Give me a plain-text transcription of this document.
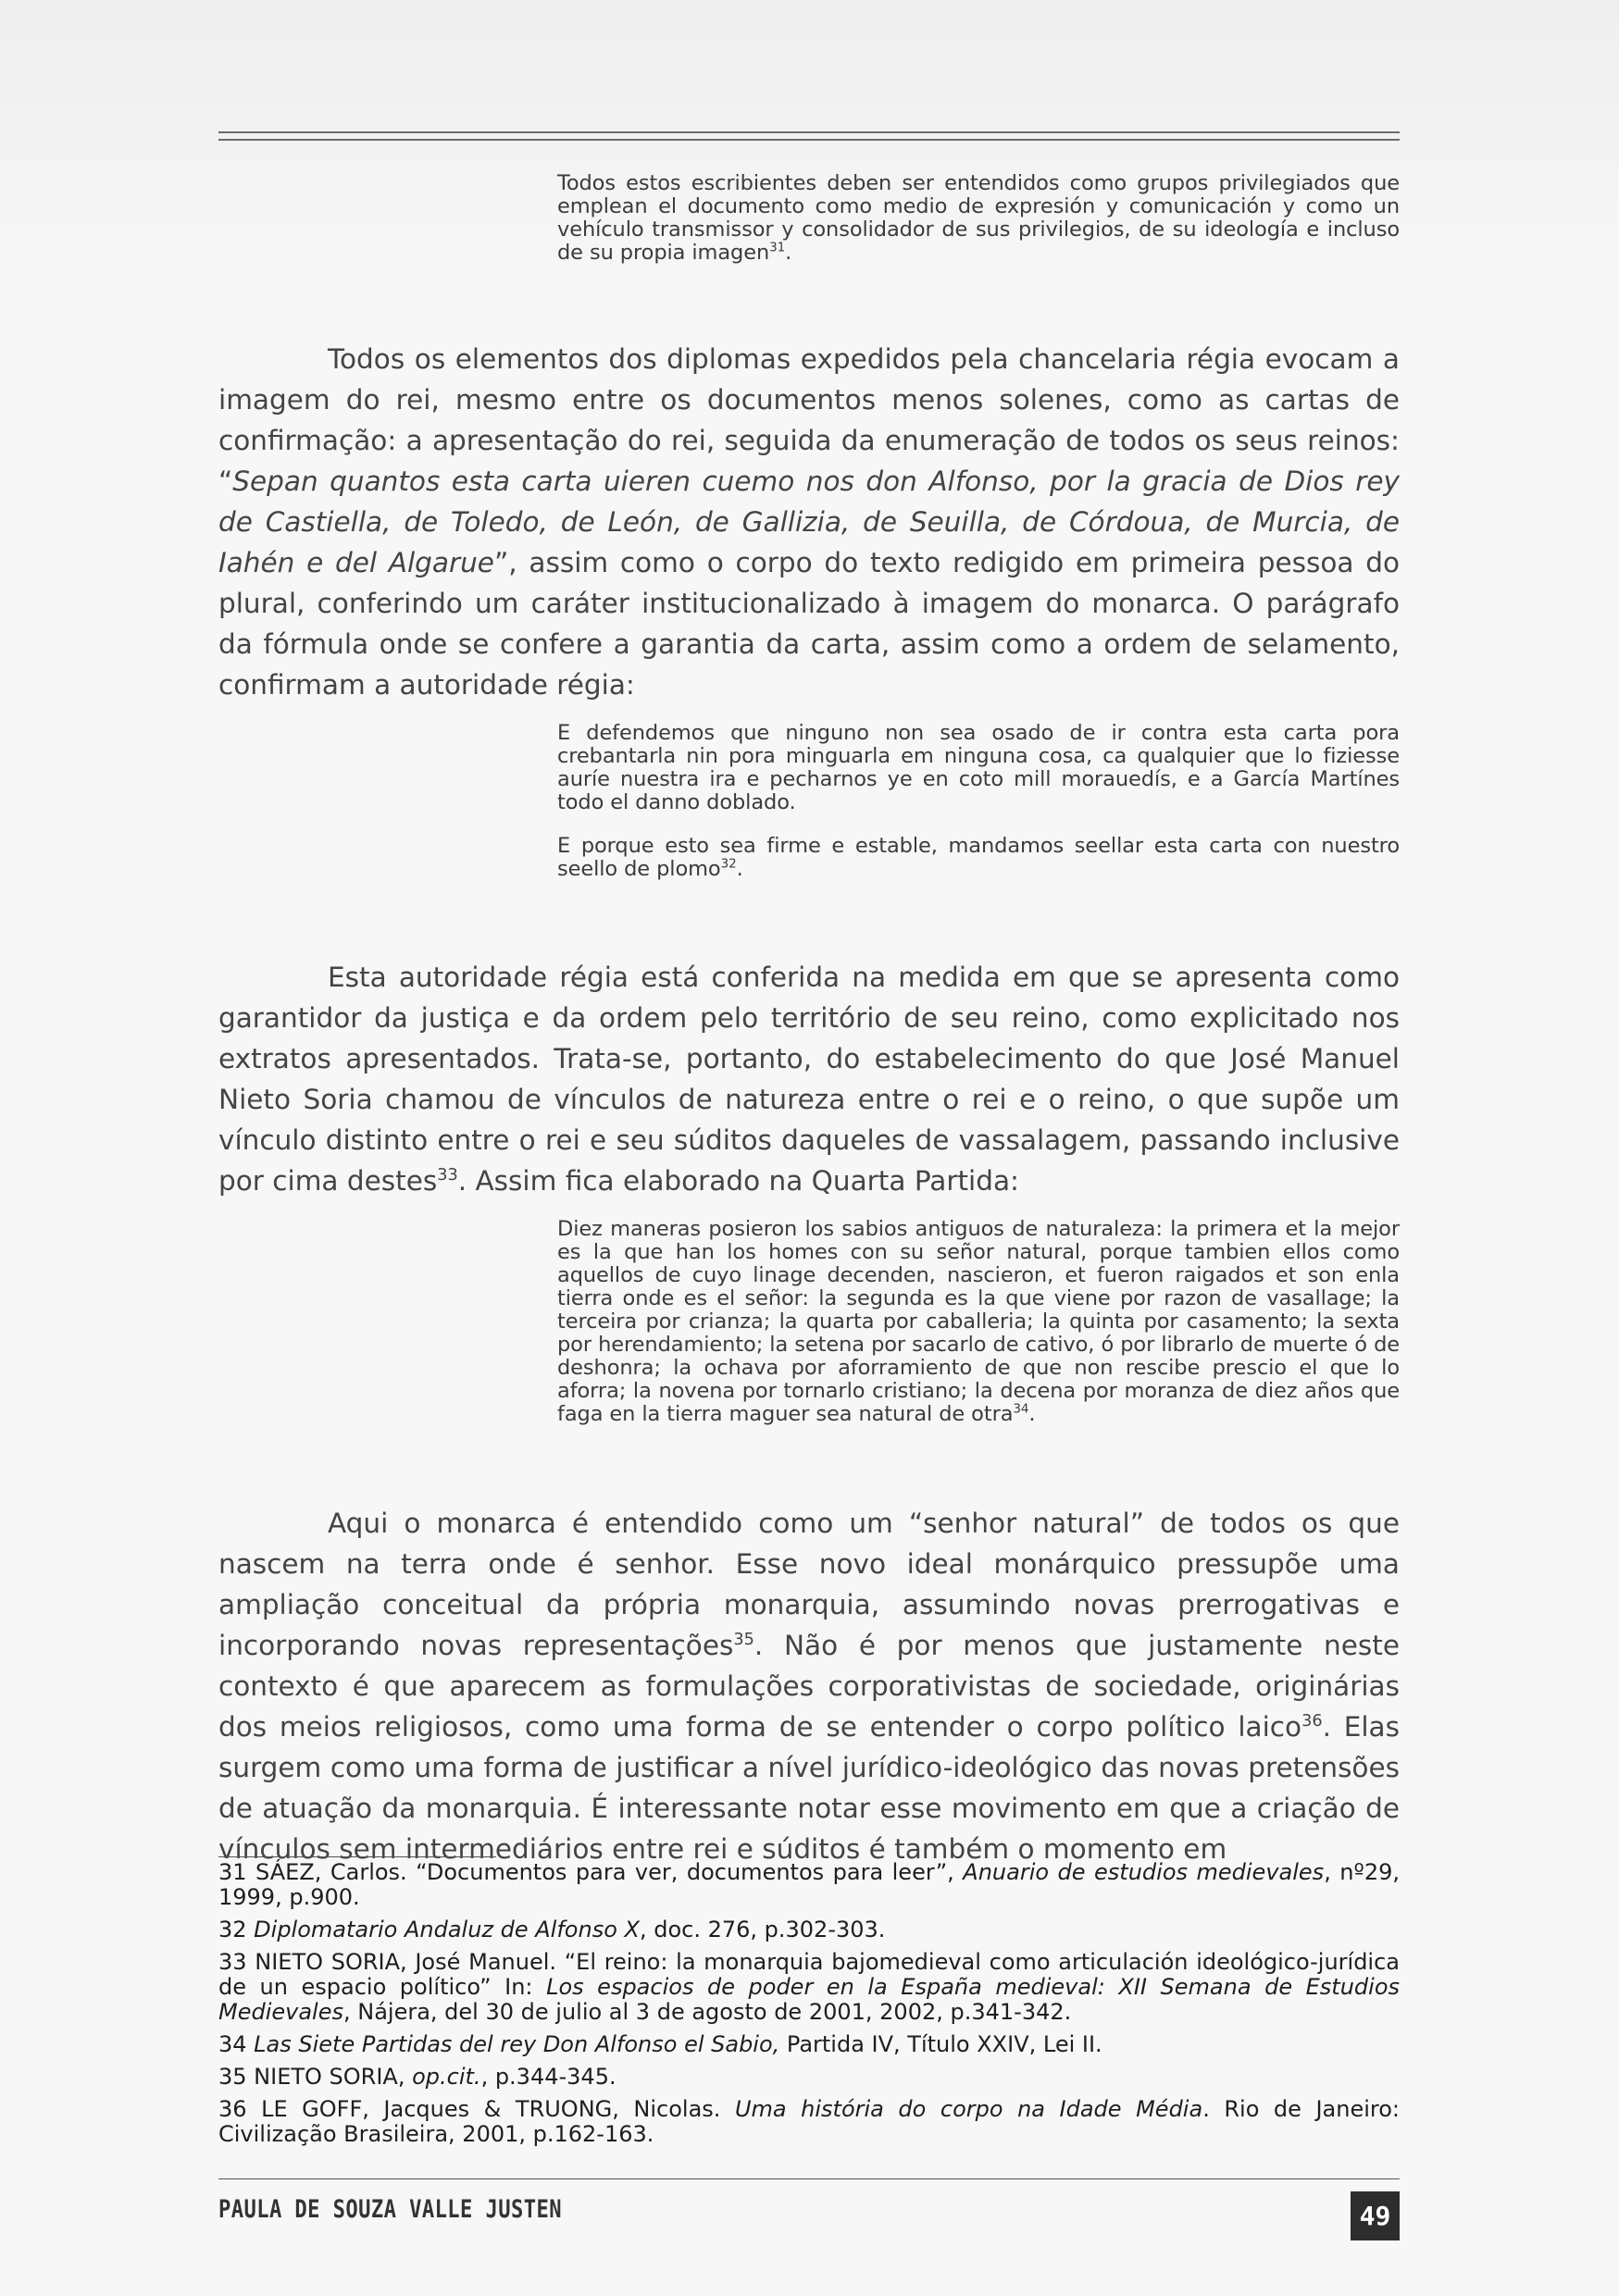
Todos estos escribientes deben ser entendidos como grupos privilegiados que emplean el documento como medio de expresión y comunicación y como un vehículo transmissor y consolidador de sus privilegios, de su ideología e incluso de su propia imagen$^{31}$.

Todos os elementos dos diplomas expedidos pela chancelaria régia evocam a imagem do rei, mesmo entre os documentos menos solenes, como as cartas de confirmação: a apresentação do rei, seguida da enumeração de todos os seus reinos: “Sepan quantos esta carta uieren cuemo nos don Alfonso, por la gracia de Dios rey de Castiella, de Toledo, de León, de Gallizia, de Seuilla, de Córdoua, de Murcia, de Iahén e del Algarue”, assim como o corpo do texto redigido em primeira pessoa do plural, conferindo um caráter institucionalizado à imagem do monarca. O parágrafo da fórmula onde se confere a garantia da carta, assim como a ordem de selamento, confirmam a autoridade régia:

E defendemos que ninguno non sea osado de ir contra esta carta pora crebantarla nin pora minguarla em ninguna cosa, ca qualquier que lo fiziesse auríe nuestra ira e pecharnos ye en coto mill morauedís, e a García Martínes todo el danno doblado.

E porque esto sea firme e estable, mandamos seellar esta carta con nuestro seello de plomo$^{32}$.

Esta autoridade régia está conferida na medida em que se apresenta como garantidor da justiça e da ordem pelo território de seu reino, como explicitado nos extratos apresentados. Trata-se, portanto, do estabelecimento do que José Manuel Nieto Soria chamou de vínculos de natureza entre o rei e o reino, o que supõe um vínculo distinto entre o rei e seu súditos daqueles de vassalagem, passando inclusive por cima destes$^{33}$. Assim fica elaborado na Quarta Partida:

Diez maneras posieron los sabios antiguos de naturaleza: la primera et la mejor es la que han los homes con su señor natural, porque tambien ellos como aquellos de cuyo linage decenden, nascieron, et fueron raigados et son enla tierra onde es el señor: la segunda es la que viene por razon de vasallage; la terceira por crianza; la quarta por caballeria; la quinta por casamento; la sexta por herendamiento; la setena por sacarlo de cativo, ó por librarlo de muerte ó de deshonra; la ochava por aforramiento de que non rescibe prescio el que lo aforra; la novena por tornarlo cristiano; la decena por moranza de diez años que faga en la tierra maguer sea natural de otra$^{34}$.

Aqui o monarca é entendido como um “senhor natural” de todos os que nascem na terra onde é senhor. Esse novo ideal monárquico pressupõe uma ampliação conceitual da própria monarquia, assumindo novas prerrogativas e incorporando novas representações$^{35}$. Não é por menos que justamente neste contexto é que aparecem as formulações corporativistas de sociedade, originárias dos meios religiosos, como uma forma de se entender o corpo político laico$^{36}$. Elas surgem como uma forma de justificar a nível jurídico-ideológico das novas pretensões de atuação da monarquia. É interessante notar esse movimento em que a criação de vínculos sem intermediários entre rei e súditos é também o momento em

31 SÁEZ, Carlos. “Documentos para ver, documentos para leer”, Anuario de estudios medievales, nº29, 1999, p.900.

32 Diplomatario Andaluz de Alfonso X, doc. 276, p.302-303.

33 NIETO SORIA, José Manuel. “El reino: la monarquia bajomedieval como articulación ideológico-jurídica de un espacio político” In: Los espacios de poder en la España medieval: XII Semana de Estudios Medievales, Nájera, del 30 de julio al 3 de agosto de 2001, 2002, p.341-342.

34 Las Siete Partidas del rey Don Alfonso el Sabio, Partida IV, Título XXIV, Lei II.

35 NIETO SORIA, op.cit., p.344-345.

36 LE GOFF, Jacques & TRUONG, Nicolas. Uma história do corpo na Idade Média. Rio de Janeiro: Civilização Brasileira, 2001, p.162-163.

PAULA DE SOUZA VALLE JUSTEN	49
